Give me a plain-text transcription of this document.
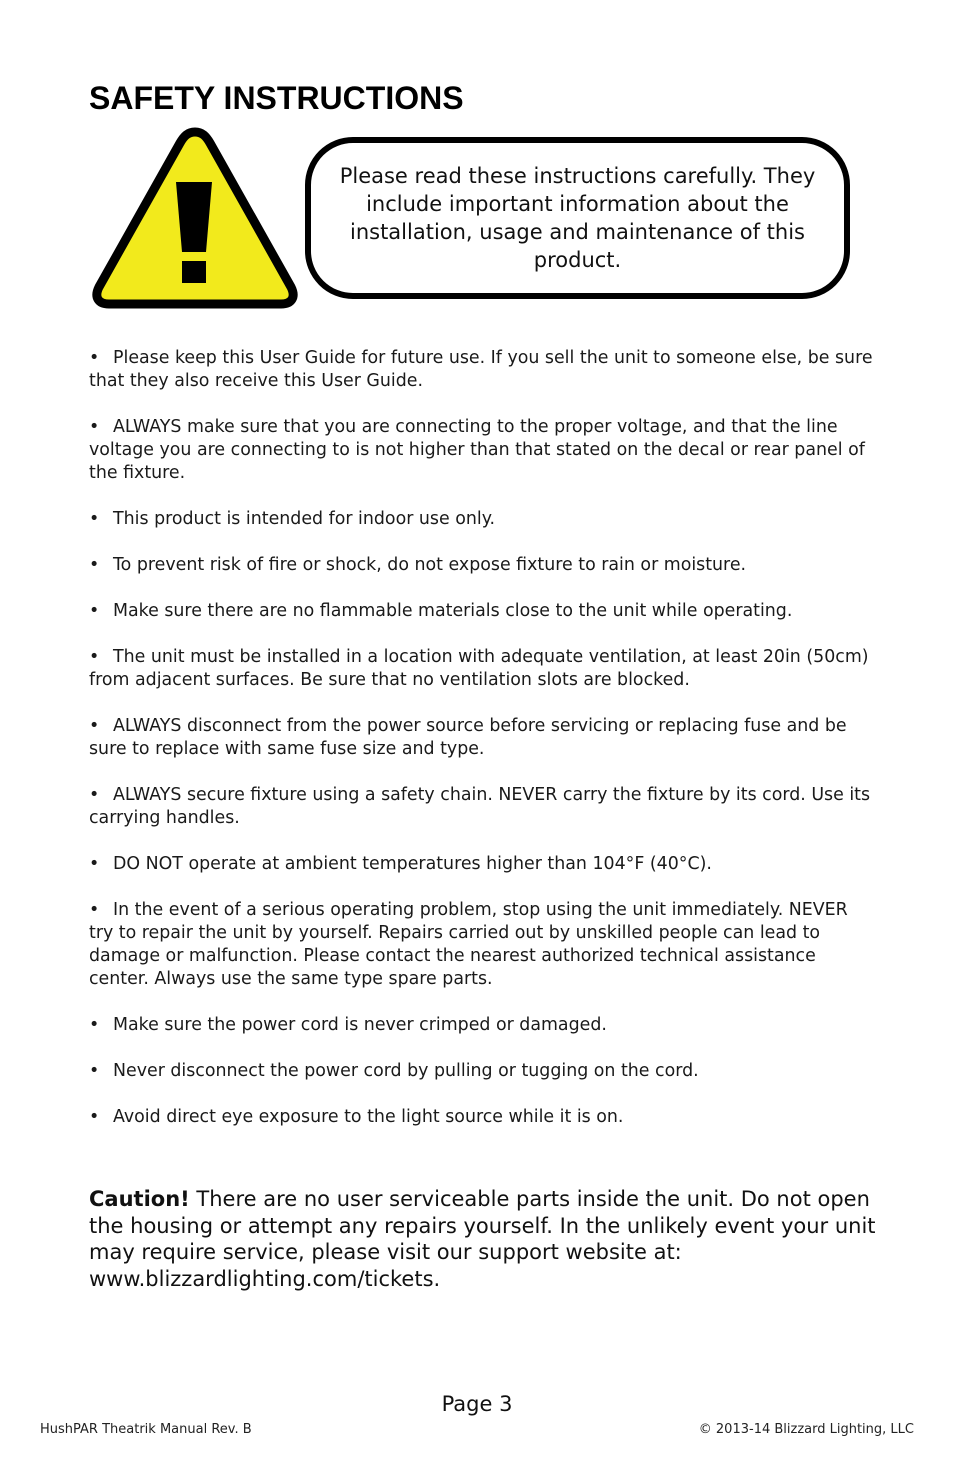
SAFETY INSTRUCTIONS
Please read these instructions carefully. They include important information about the installation, usage and maintenance of this product.
• Please keep this User Guide for future use. If you sell the unit to someone else, be sure that they also receive this User Guide.
• ALWAYS make sure that you are connecting to the proper voltage, and that the line voltage you are connecting to is not higher than that stated on the decal or rear panel of the fixture.
• This product is intended for indoor use only.
• To prevent risk of fire or shock, do not expose fixture to rain or moisture.
• Make sure there are no flammable materials close to the unit while operating.
• The unit must be installed in a location with adequate ventilation, at least 20in (50cm) from adjacent surfaces. Be sure that no ventilation slots are blocked.
• ALWAYS disconnect from the power source before servicing or replacing fuse and be sure to replace with same fuse size and type.
• ALWAYS secure fixture using a safety chain. NEVER carry the fixture by its cord. Use its carrying handles.
• DO NOT operate at ambient temperatures higher than 104°F (40°C).
• In the event of a serious operating problem, stop using the unit immediately. NEVER try to repair the unit by yourself. Repairs carried out by unskilled people can lead to damage or malfunction. Please contact the nearest authorized technical assistance center. Always use the same type spare parts.
• Make sure the power cord is never crimped or damaged.
• Never disconnect the power cord by pulling or tugging on the cord.
• Avoid direct eye exposure to the light source while it is on.

Caution! There are no user serviceable parts inside the unit. Do not open the housing or attempt any repairs yourself. In the unlikely event your unit may require service, please visit our support website at: www.blizzardlighting.com/tickets.

Page 3
HushPAR Theatrik Manual Rev. B	© 2013-14 Blizzard Lighting, LLC
